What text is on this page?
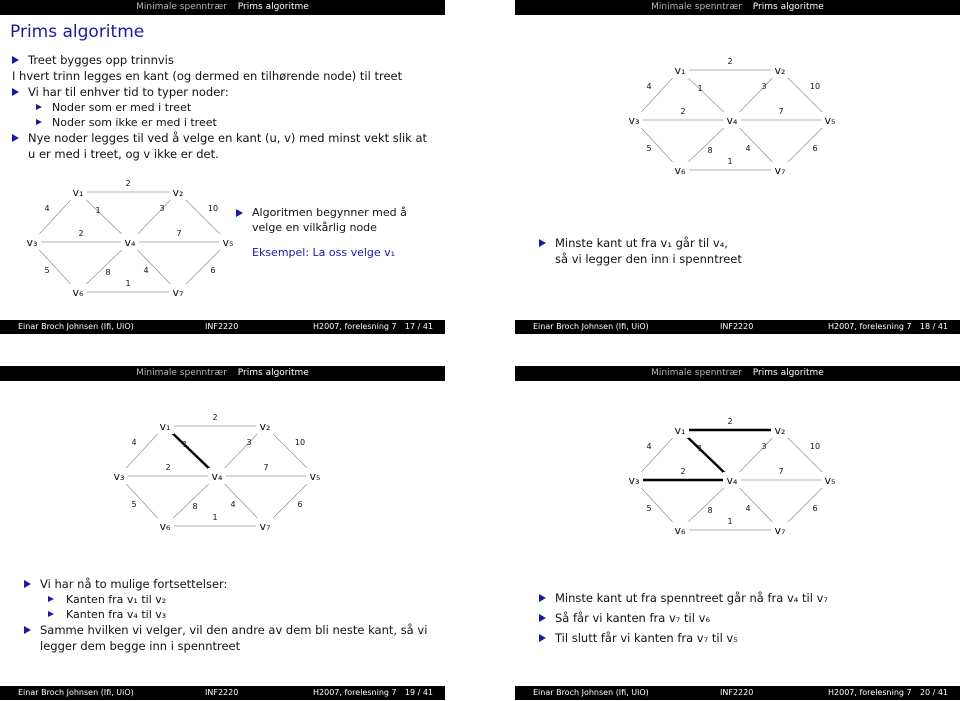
Minimale spenntrær Prims algoritme
Prims algoritme
Treet bygges opp trinnvis
I hvert trinn legges en kant (og dermed en tilhørende node) til treet
Vi har til enhver tid to typer noder:
Noder som er med i treet
Noder som ikke er med i treet
Nye noder legges til ved å velge en kant (u, v) med minst vekt slik at
u er med i treet, og v ikke er det.
2
4	1	3	10
2
5
7
8	4	6
1
v₁	v₂
v₃	v₄	v₅
v₆	v₇
Algoritmen begynner med å
velge en vilkårlig node
Eksempel: La oss velge v₁
Einar Broch Johnsen (Ifi, UiO)	INF2220	H2007, forelesning 7 17 / 41
Minimale spenntrær Prims algoritme
2
4	1	3	10
2
5
7
8	4	6
1
v₁	v₂
v₃	v₄	v₅
v₆	v₇
Minste kant ut fra v₁ går til v₄,
så vi legger den inn i spenntreet
Einar Broch Johnsen (Ifi, UiO)	INF2220	H2007, forelesning 7 18 / 41
Minimale spenntrær Prims algoritme
2
4	1	3	10
2
5
7
8	4	6
1
v₁	v₂
v₃	v₄	v₅
v₆	v₇
Vi har nå to mulige fortsettelser:
Kanten fra v₁ til v₂
Kanten fra v₄ til v₃
Samme hvilken vi velger, vil den andre av dem bli neste kant, så vi
legger dem begge inn i spenntreet
Einar Broch Johnsen (Ifi, UiO)	INF2220	H2007, forelesning 7 19 / 41
Minimale spenntrær Prims algoritme
2
4	1	3	10
2
5
7
8	4	6
1
v₁	v₂
v₃	v₄	v₅
v₆	v₇
Minste kant ut fra spenntreet går nå fra v₄ til v₇
Så får vi kanten fra v₇ til v₆
Til slutt får vi kanten fra v₇ til v₅
Einar Broch Johnsen (Ifi, UiO)	INF2220	H2007, forelesning 7 20 / 41
